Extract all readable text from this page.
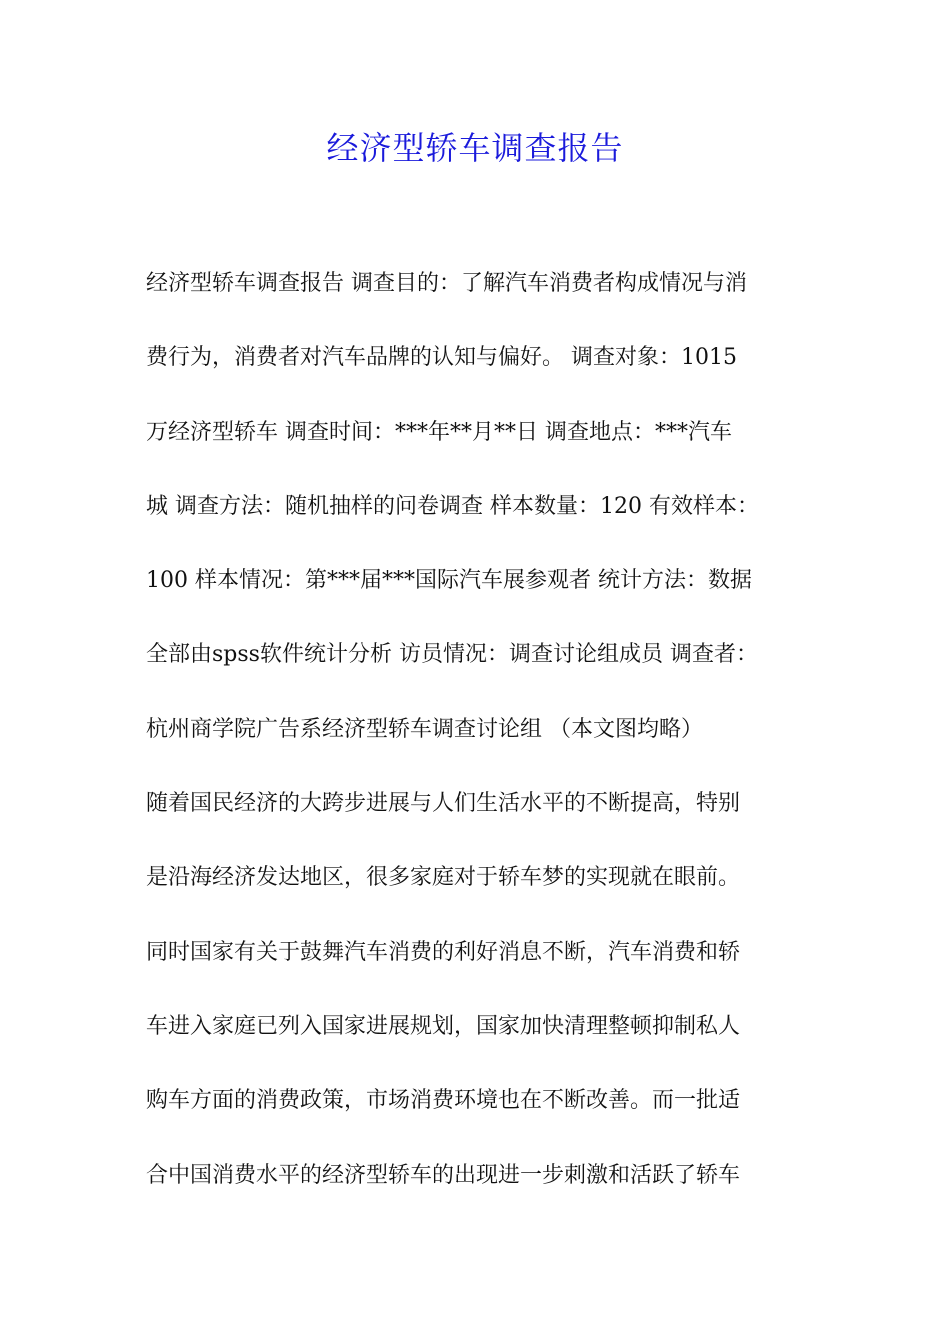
经济型轿车调查报告
经济型轿车调查报告 调查目的：了解汽车消费者构成情况与消
费行为，消费者对汽车品牌的认知与偏好。 调查对象：1015
万经济型轿车 调查时间：***年**月**日 调查地点：***汽车
城 调查方法：随机抽样的问卷调查 样本数量：120 有效样本：
100 样本情况：第***届***国际汽车展参观者 统计方法：数据
全部由spss软件统计分析 访员情况：调查讨论组成员 调查者：
杭州商学院广告系经济型轿车调查讨论组 （本文图均略）
随着国民经济的大跨步进展与人们生活水平的不断提高，特别
是沿海经济发达地区，很多家庭对于轿车梦的实现就在眼前。
同时国家有关于鼓舞汽车消费的利好消息不断，汽车消费和轿
车进入家庭已列入国家进展规划，国家加快清理整顿抑制私人
购车方面的消费政策，市场消费环境也在不断改善。而一批适
合中国消费水平的经济型轿车的出现进一步刺激和活跃了轿车
